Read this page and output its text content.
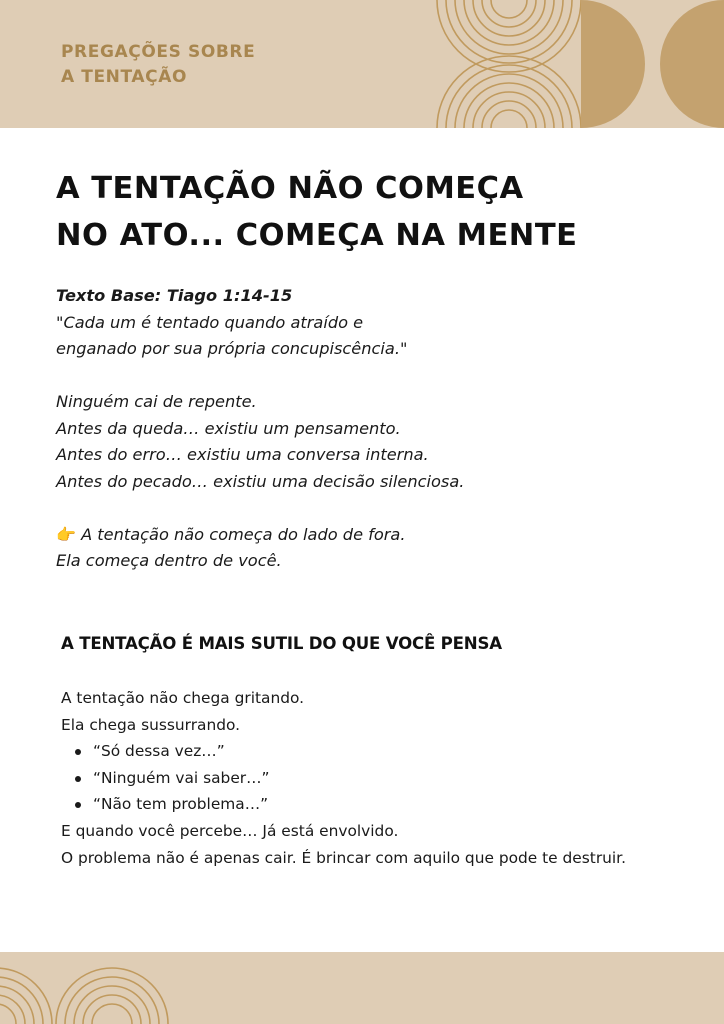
PREGAÇÕES SOBRE
A TENTAÇÃO

A TENTAÇÃO NÃO COMEÇA
NO ATO... COMEÇA NA MENTE

Texto Base: Tiago 1:14-15

"Cada um é tentado quando atraído e

enganado por sua própria concupiscência."

Ninguém cai de repente.

Antes da queda… existiu um pensamento.

Antes do erro… existiu uma conversa interna.

Antes do pecado… existiu uma decisão silenciosa.

👉 A tentação não começa do lado de fora.

Ela começa dentro de você.

A TENTAÇÃO É MAIS SUTIL DO QUE VOCÊ PENSA

A tentação não chega gritando.

Ela chega sussurrando.

“Só dessa vez…”
“Ninguém vai saber…”
“Não tem problema…”

E quando você percebe… Já está envolvido.

O problema não é apenas cair. É brincar com aquilo que pode te destruir.
